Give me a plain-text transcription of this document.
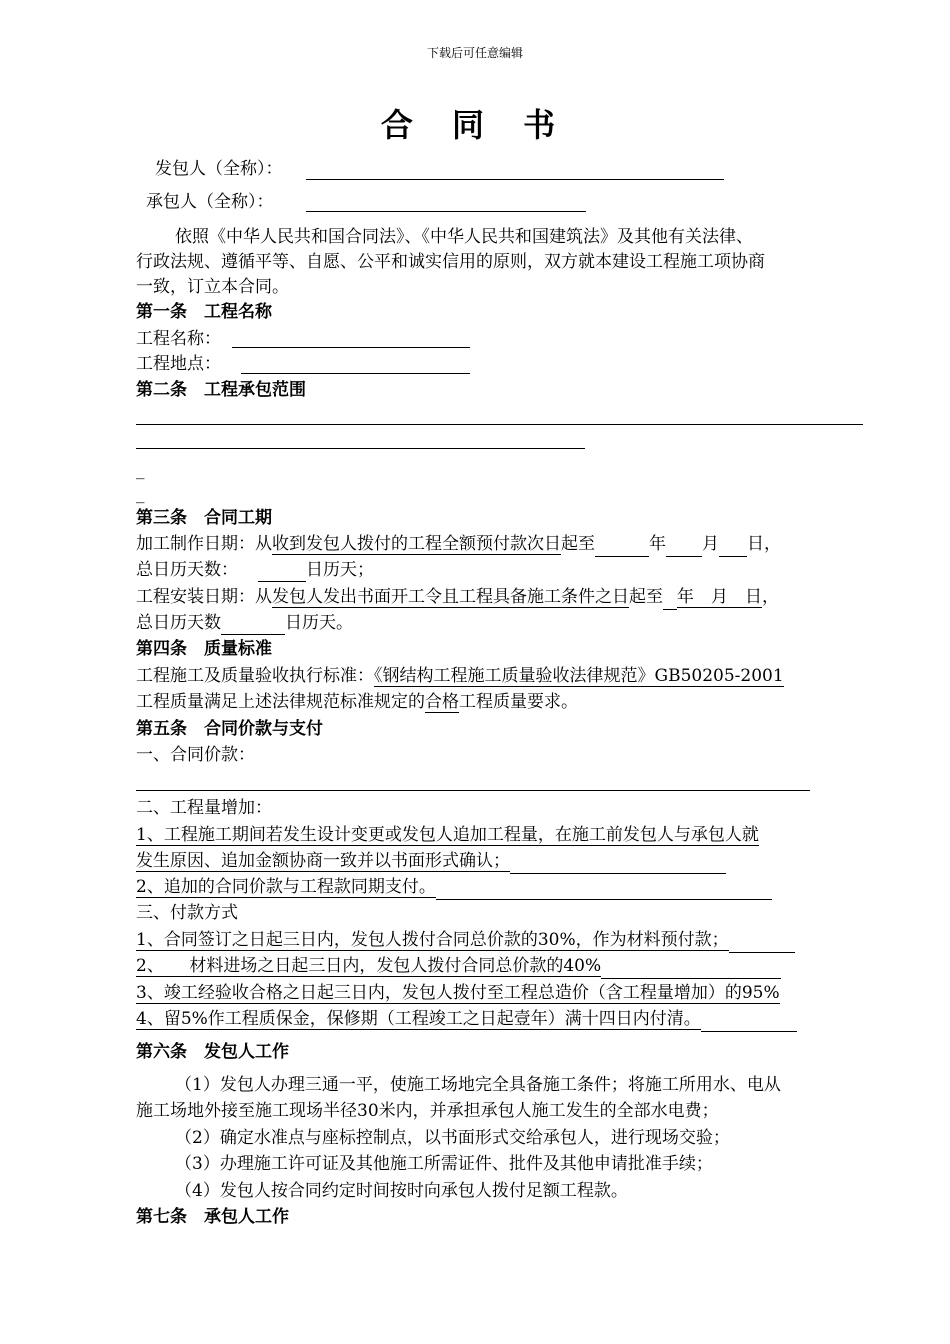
下载后可任意编辑
合 同 书
发包人（全称）：
承包人（全称）：
依照《中华人民共和国合同法》、《中华人民共和国建筑法》及其他有关法律、
行政法规、遵循平等、自愿、公平和诚实信用的原则，双方就本建设工程施工项协商
一致，订立本合同。
第一条　工程名称
工程名称：
工程地点：
第二条　工程承包范围
_
_
第三条　合同工期
加工制作日期：从收到发包人拨付的工程全额预付款次日起至	年 月 日，
总日历天数：	日历天；
工程安装日期：从发包人发出书面开工令且工程具备施工条件之日起至 年　月　日，
总日历天数	日历天。
第四条　质量标准
工程施工及质量验收执行标准：《钢结构工程施工质量验收法律规范》GB50205-2001
工程质量满足上述法律规范标准规定的合格工程质量要求。
第五条　合同价款与支付
一、合同价款：
二、工程量增加：
1、工程施工期间若发生设计变更或发包人追加工程量，在施工前发包人与承包人就
发生原因、追加金额协商一致并以书面形式确认；
2、追加的合同价款与工程款同期支付。
三、付款方式
1、合同签订之日起三日内，发包人拨付合同总价款的30%，作为材料预付款；
2、　　材料进场之日起三日内，发包人拨付合同总价款的40%
3、竣工经验收合格之日起三日内，发包人拨付至工程总造价（含工程量增加）的95%
4、留5%作工程质保金，保修期（工程竣工之日起壹年）满十四日内付清。
第六条　发包人工作
（1）发包人办理三通一平，使施工场地完全具备施工条件；将施工所用水、电从
施工场地外接至施工现场半径30米内，并承担承包人施工发生的全部水电费；
（2）确定水准点与座标控制点，以书面形式交给承包人，进行现场交验；
（3）办理施工许可证及其他施工所需证件、批件及其他申请批准手续；
（4）发包人按合同约定时间按时向承包人拨付足额工程款。
第七条　承包人工作
